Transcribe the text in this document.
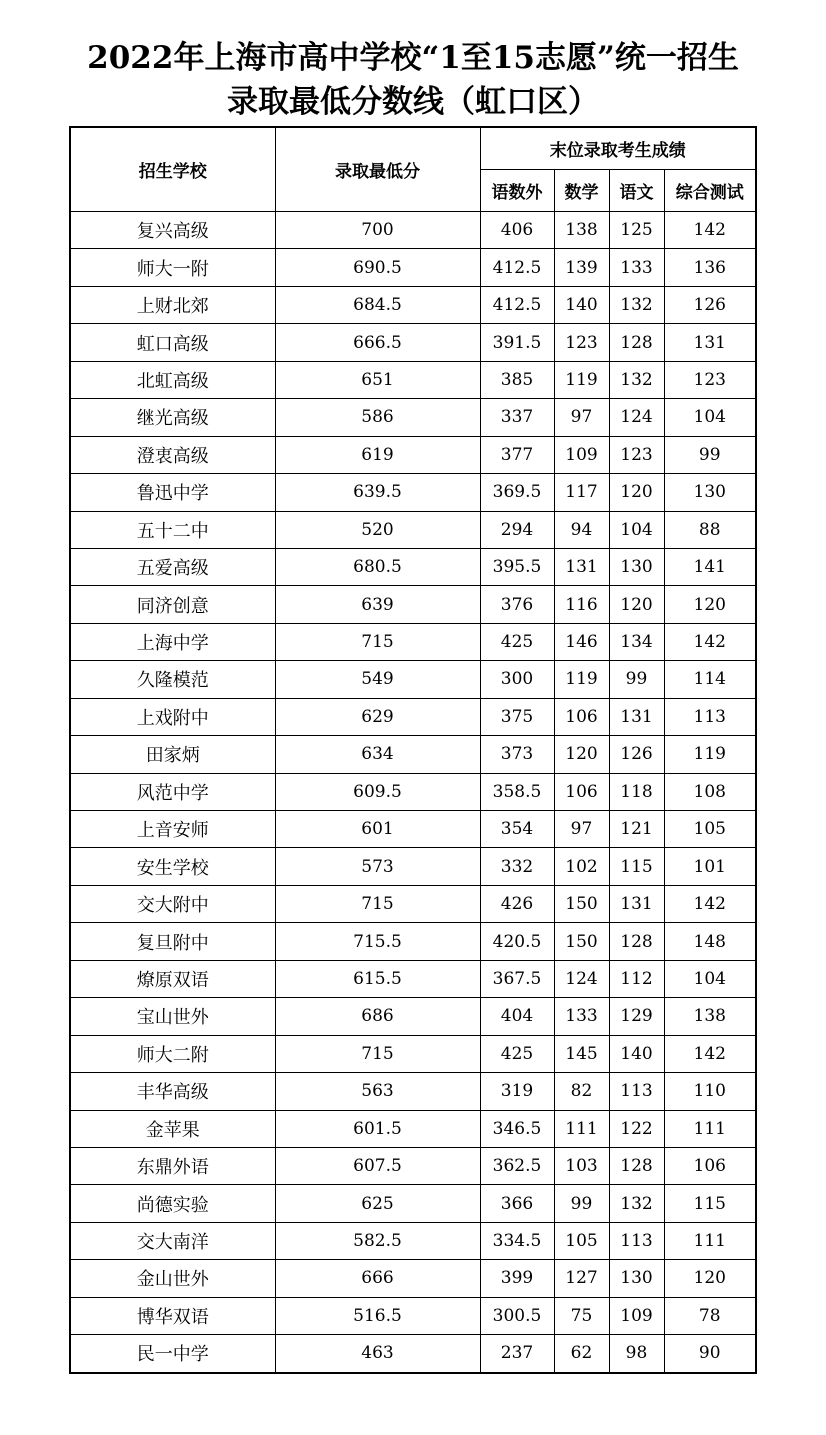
2022年上海市高中学校“1至15志愿”统一招生
录取最低分数线（虹口区）
招生学校	录取最低分	末位录取考生成绩			
		语数外	数学	语文	综合测试
复兴高级	700	406	138	125	142
师大一附	690.5	412.5	139	133	136
上财北郊	684.5	412.5	140	132	126
虹口高级	666.5	391.5	123	128	131
北虹高级	651	385	119	132	123
继光高级	586	337	97	124	104
澄衷高级	619	377	109	123	99
鲁迅中学	639.5	369.5	117	120	130
五十二中	520	294	94	104	88
五爱高级	680.5	395.5	131	130	141
同济创意	639	376	116	120	120
上海中学	715	425	146	134	142
久隆模范	549	300	119	99	114
上戏附中	629	375	106	131	113
田家炳	634	373	120	126	119
风范中学	609.5	358.5	106	118	108
上音安师	601	354	97	121	105
安生学校	573	332	102	115	101
交大附中	715	426	150	131	142
复旦附中	715.5	420.5	150	128	148
燎原双语	615.5	367.5	124	112	104
宝山世外	686	404	133	129	138
师大二附	715	425	145	140	142
丰华高级	563	319	82	113	110
金苹果	601.5	346.5	111	122	111
东鼎外语	607.5	362.5	103	128	106
尚德实验	625	366	99	132	115
交大南洋	582.5	334.5	105	113	111
金山世外	666	399	127	130	120
博华双语	516.5	300.5	75	109	78
民一中学	463	237	62	98	90
